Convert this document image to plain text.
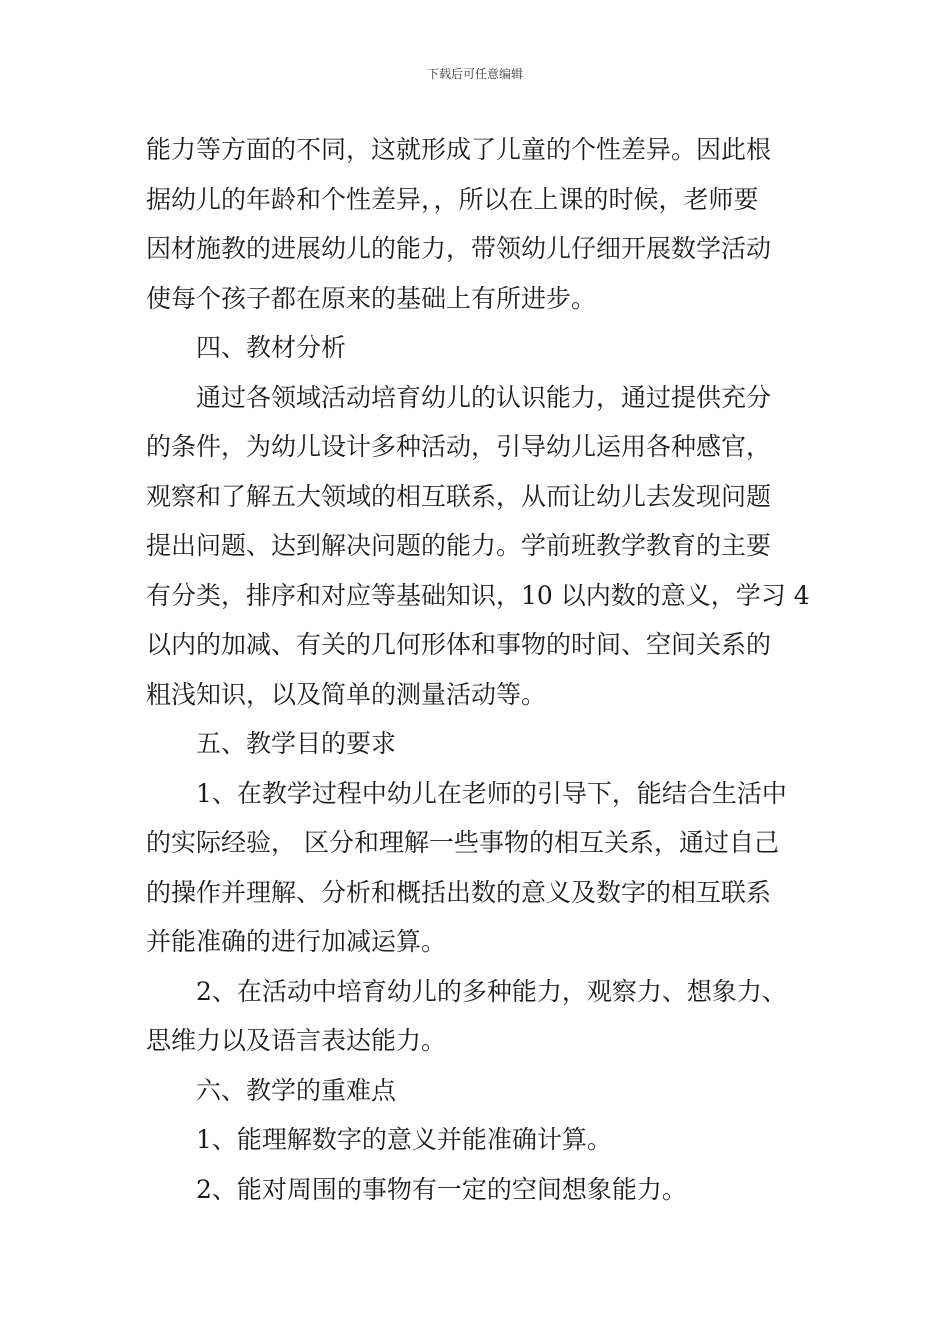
下载后可任意编辑
能力等方面的不同，这就形成了儿童的个性差异。因此根
据幼儿的年龄和个性差异，，所以在上课的时候，老师要
因材施教的进展幼儿的能力，带领幼儿仔细开展数学活动
使每个孩子都在原来的基础上有所进步。
四、教材分析
通过各领域活动培育幼儿的认识能力，通过提供充分
的条件，为幼儿设计多种活动，引导幼儿运用各种感官，
观察和了解五大领域的相互联系，从而让幼儿去发现问题
提出问题、达到解决问题的能力。学前班教学教育的主要
有分类，排序和对应等基础知识，10 以内数的意义，学习 4
以内的加减、有关的几何形体和事物的时间、空间关系的
粗浅知识，以及简单的测量活动等。
五、教学目的要求
1、在教学过程中幼儿在老师的引导下，能结合生活中
的实际经验， 区分和理解一些事物的相互关系，通过自己
的操作并理解、分析和概括出数的意义及数字的相互联系
并能准确的进行加减运算。
2、在活动中培育幼儿的多种能力，观察力、想象力、
思维力以及语言表达能力。
六、教学的重难点
1、能理解数字的意义并能准确计算。
2、能对周围的事物有一定的空间想象能力。
